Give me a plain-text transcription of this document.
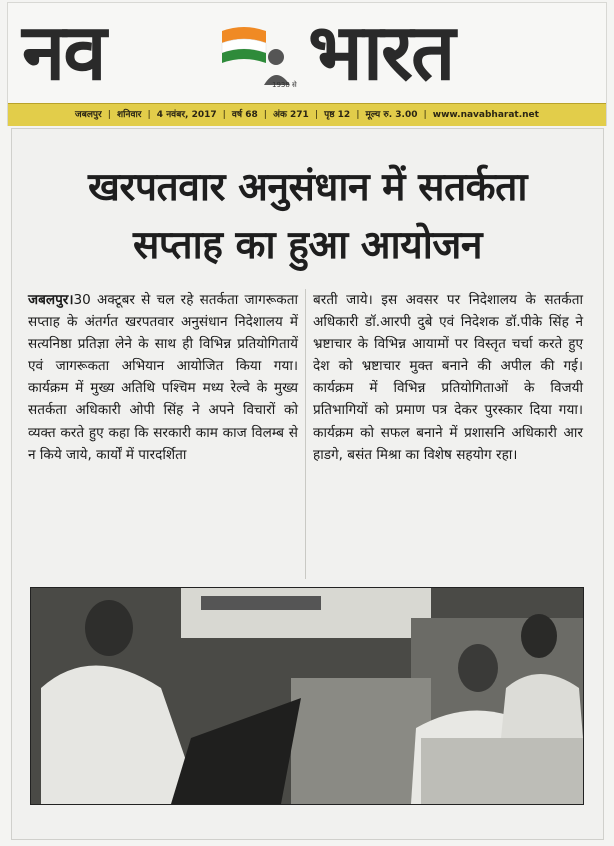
नव	1938 से भारत
जबलपुर | शनिवार | 4 नवंबर, 2017 | वर्ष 68 | अंक 271 | पृष्ठ 12 | मूल्य रु. 3.00 | www.navabharat.net
खरपतवार अनुसंधान में सतर्कता
सप्ताह का हुआ आयोजन
जबलपुर।30 अक्टूबर से चल रहे सतर्कता जागरूकता सप्ताह के अंतर्गत खरपतवार अनुसंधान निदेशालय में सत्यनिष्ठा प्रतिज्ञा लेने के साथ ही विभिन्न प्रतियोगितायें एवं जागरूकता अभियान आयोजित किया गया। कार्यक्रम में मुख्य अतिथि पश्चिम मध्य रेल्वे के मुख्य सतर्कता अधिकारी ओपी सिंह ने अपने विचारों को व्यक्त करते हुए कहा कि सरकारी काम काज विलम्ब से न किये जाये, कार्यों में पारदर्शिता
बरती जाये। इस अवसर पर निदेशालय के सतर्कता अधिकारी डॉ.आरपी दुबे एवं निदेशक डॉ.पीके सिंह ने भ्रष्टाचार के विभिन्न आयामों पर विस्तृत चर्चा करते हुए देश को भ्रष्टाचार मुक्त बनाने की अपील की गई। कार्यक्रम में विभिन्न प्रतियोगिताओं के विजयी प्रतिभागियों को प्रमाण पत्र देकर पुरस्कार दिया गया। कार्यक्रम को सफल बनाने में प्रशासनि अधिकारी आर हाडगे, बसंत मिश्रा का विशेष सहयोग रहा।
